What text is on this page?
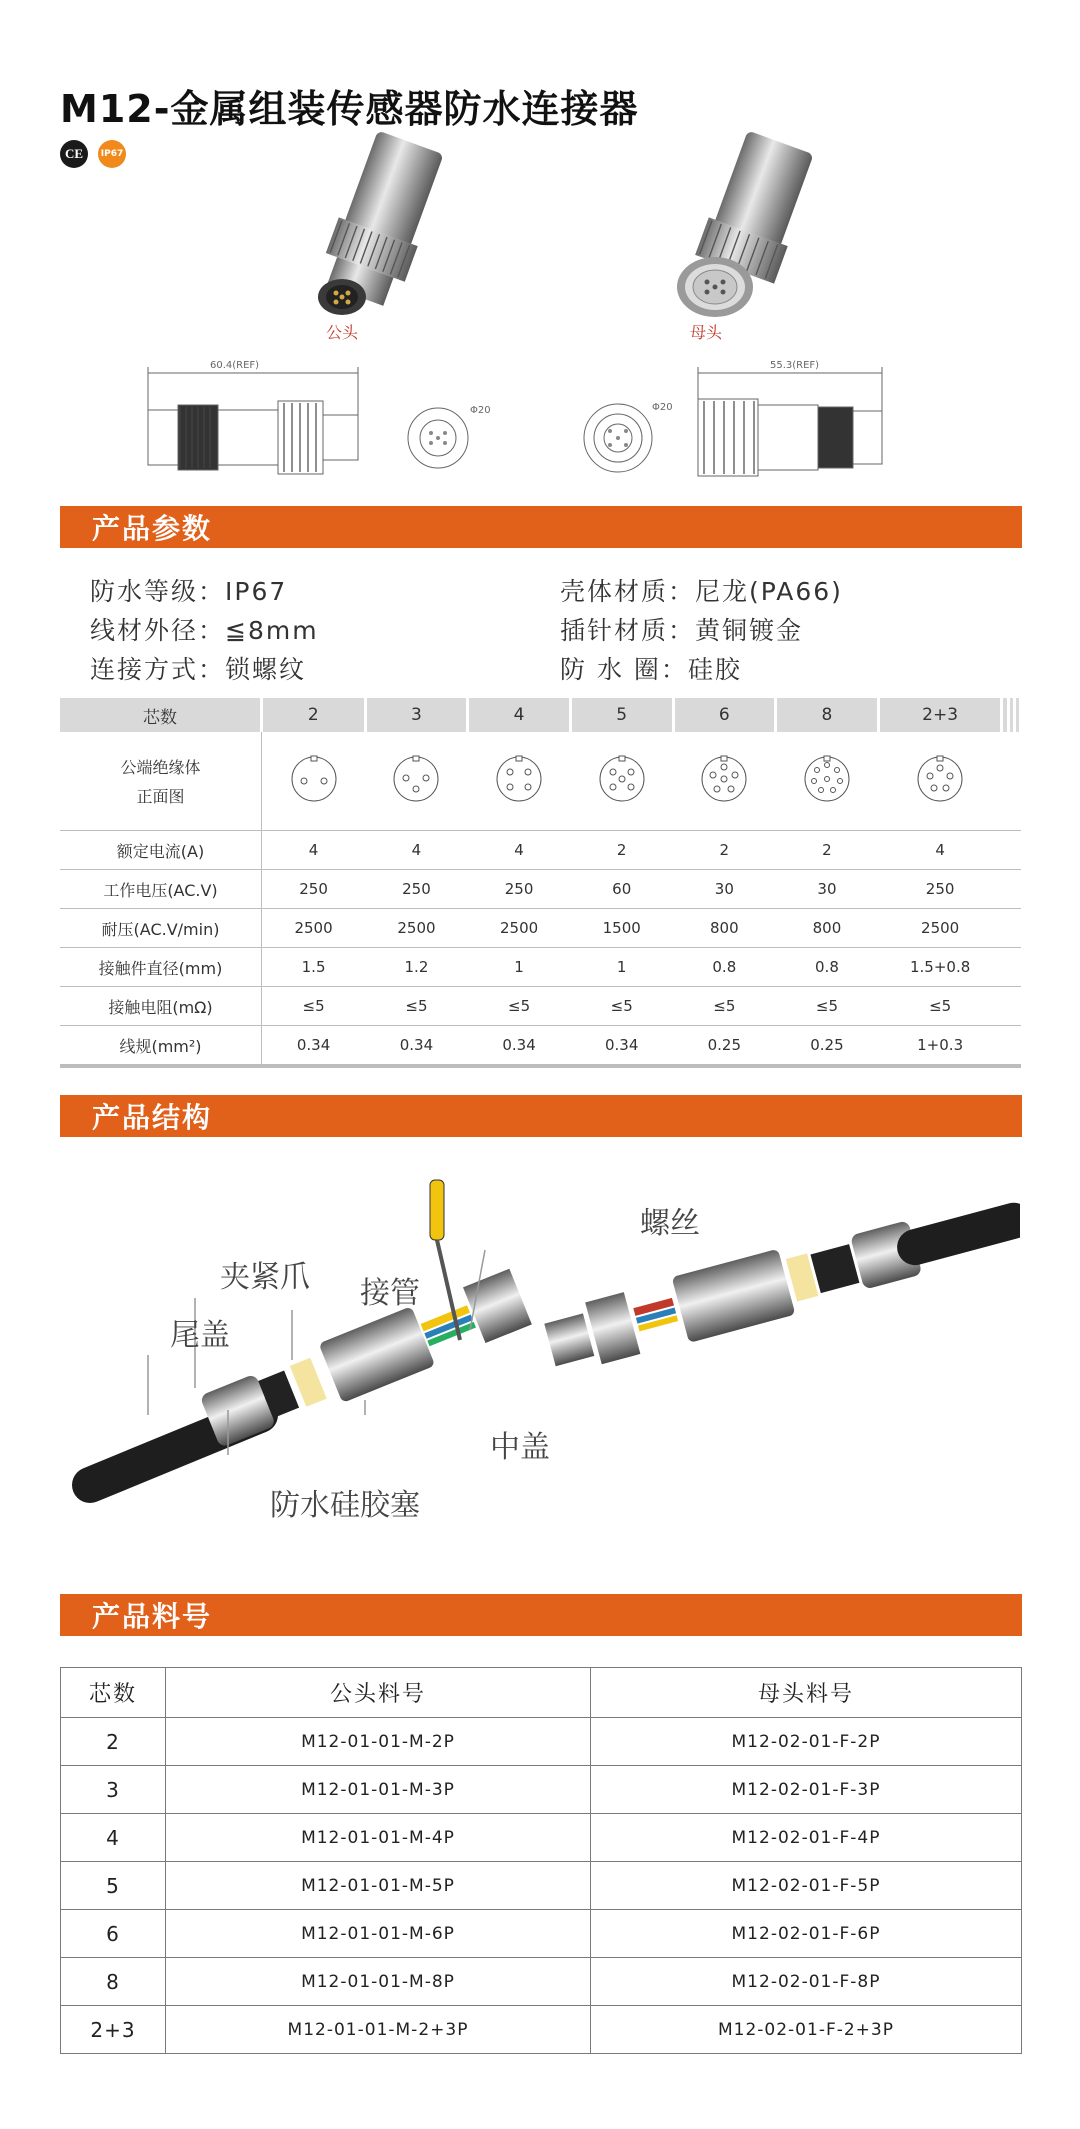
M12-金属组装传感器防水连接器
CE	IP67
公头	母头
60.4(REF)	55.3(REF)
Φ20	Φ20
产品参数
防水等级：IP67
线材外径：≦8mm
连接方式：锁螺纹
壳体材质：尼龙(PA66)
插针材质：黄铜镀金
防 水 圈：硅胶
芯数	2	3	4	5	6	8	2+3			

公端绝缘体
正面图

额定电流(A)	4	4	4	2	2	2	4			
工作电压(AC.V)	250	250	250	60	30	30	250			
耐压(AC.V/min)	2500	2500	2500	1500	800	800	2500			
接触件直径(mm)	1.5	1.2	1	1	0.8	0.8	1.5+0.8			
接触电阻(mΩ)	≤5	≤5	≤5	≤5	≤5	≤5	≤5			
线规(mm²)	0.34	0.34	0.34	0.34	0.25	0.25	1+0.3			
产品结构
尾盖
夹紧爪 接管
中盖
防水硅胶塞
螺丝
产品料号
芯数	公头料号	母头料号
2	M12-01-01-M-2P	M12-02-01-F-2P
3	M12-01-01-M-3P	M12-02-01-F-3P
4	M12-01-01-M-4P	M12-02-01-F-4P
5	M12-01-01-M-5P	M12-02-01-F-5P
6	M12-01-01-M-6P	M12-02-01-F-6P
8	M12-01-01-M-8P	M12-02-01-F-8P
2+3	M12-01-01-M-2+3P	M12-02-01-F-2+3P
